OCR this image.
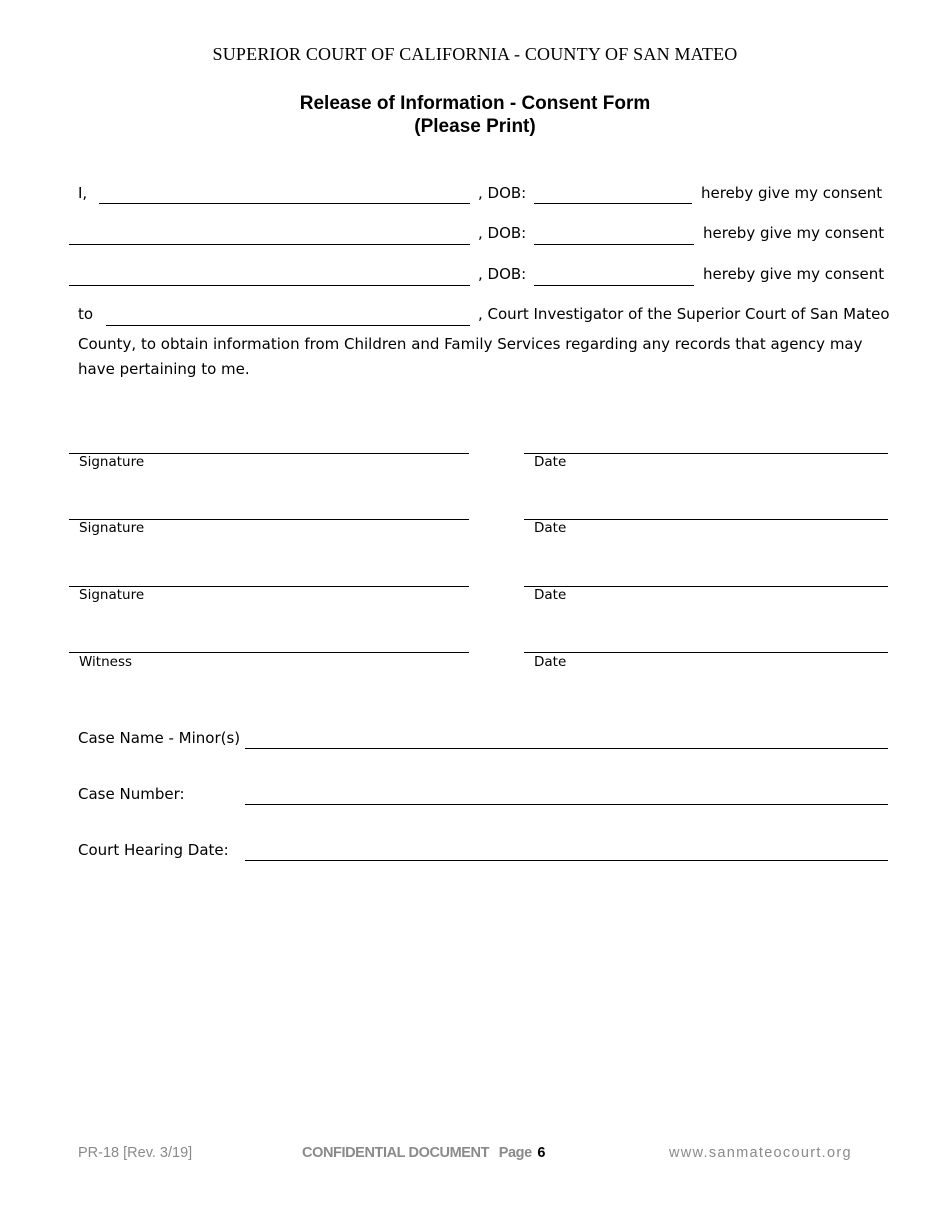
SUPERIOR COURT OF CALIFORNIA - COUNTY OF SAN MATEO
Release of Information - Consent Form
(Please Print)
I,	, DOB:	hereby give my consent
, DOB:	hereby give my consent
, DOB:	hereby give my consent
to	, Court Investigator of the Superior Court of San Mateo
County, to obtain information from Children and Family Services regarding any records that agency may have pertaining to me.
Signature	Date
Signature	Date
Signature	Date
Witness	Date
Case Name - Minor(s)
Case Number:
Court Hearing Date:
PR-18 [Rev. 3/19]	CONFIDENTIAL DOCUMENT Page 6	www.sanmateocourt.org
